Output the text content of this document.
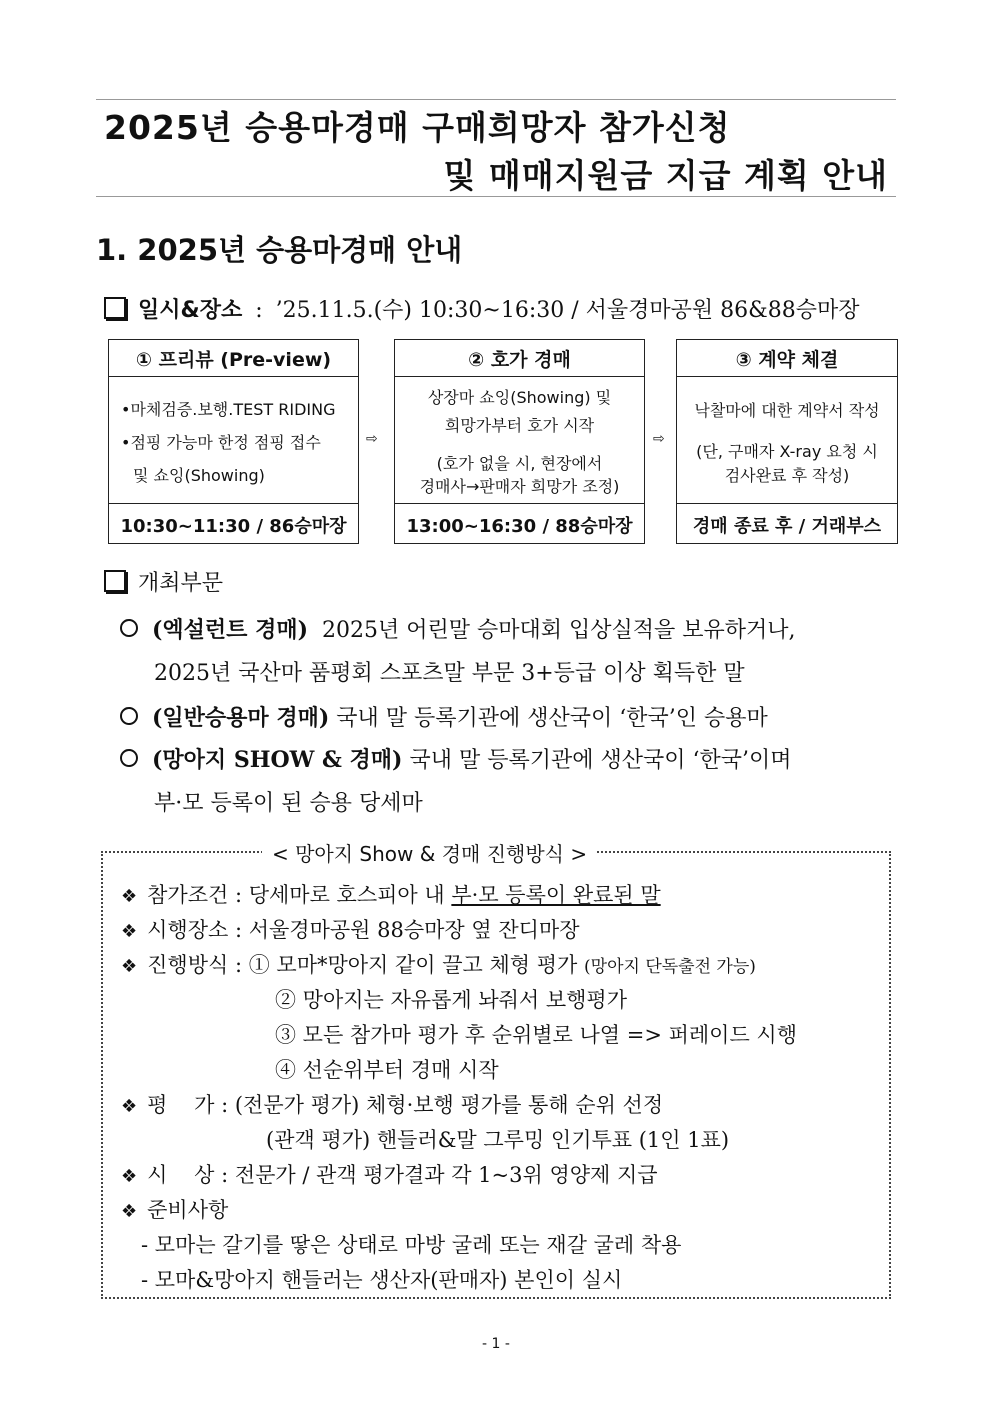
2025년 승용마경매 구매희망자 참가신청
및 매매지원금 지급 계획 안내
1. 2025년 승용마경매 안내
일시&장소 : ’25.11.5.(수) 10:30~16:30 / 서울경마공원 86&88승마장
① 프리뷰 (Pre-view)
•마체검증.보행.TEST RIDING
•점핑 가능마 한정 점핑 접수
및 쇼잉(Showing)
10:30∼11:30 / 86승마장
⇨
② 호가 경매
상장마 쇼잉(Showing) 및
희망가부터 호가 시작
(호가 없을 시, 현장에서
경매사→판매자 희망가 조정)
13:00∼16:30 / 88승마장
⇨
③ 계약 체결
낙찰마에 대한 계약서 작성
(단, 구매자 X-ray 요청 시
검사완료 후 작성)
경매 종료 후 / 거래부스
개최부문
(엑설런트 경매) 2025년 어린말 승마대회 입상실적을 보유하거나,
2025년 국산마 품평회 스포츠말 부문 3+등급 이상 획득한 말
(일반승용마 경매) 국내 말 등록기관에 생산국이 ‘한국’인 승용마
(망아지 SHOW & 경매) 국내 말 등록기관에 생산국이 ‘한국’이며
부·모 등록이 된 승용 당세마
< 망아지 Show & 경매 진행방식 >
❖ 참가조건 : 당세마로 호스피아 내 부·모 등록이 완료된 말
❖ 시행장소 : 서울경마공원 88승마장 옆 잔디마장
❖ 진행방식 : ① 모마*망아지 같이 끌고 체형 평가 (망아지 단독출전 가능)
② 망아지는 자유롭게 놔줘서 보행평가
③ 모든 참가마 평가 후 순위별로 나열 => 퍼레이드 시행
④ 선순위부터 경매 시작
❖ 평    가 : (전문가 평가) 체형·보행 평가를 통해 순위 선정
(관객 평가) 핸들러&말 그루밍 인기투표 (1인 1표)
❖ 시    상 : 전문가 / 관객 평가결과 각 1~3위 영양제 지급
❖ 준비사항
- 모마는 갈기를 땋은 상태로 마방 굴레 또는 재갈 굴레 착용
- 모마&망아지 핸들러는 생산자(판매자) 본인이 실시
- 1 -
